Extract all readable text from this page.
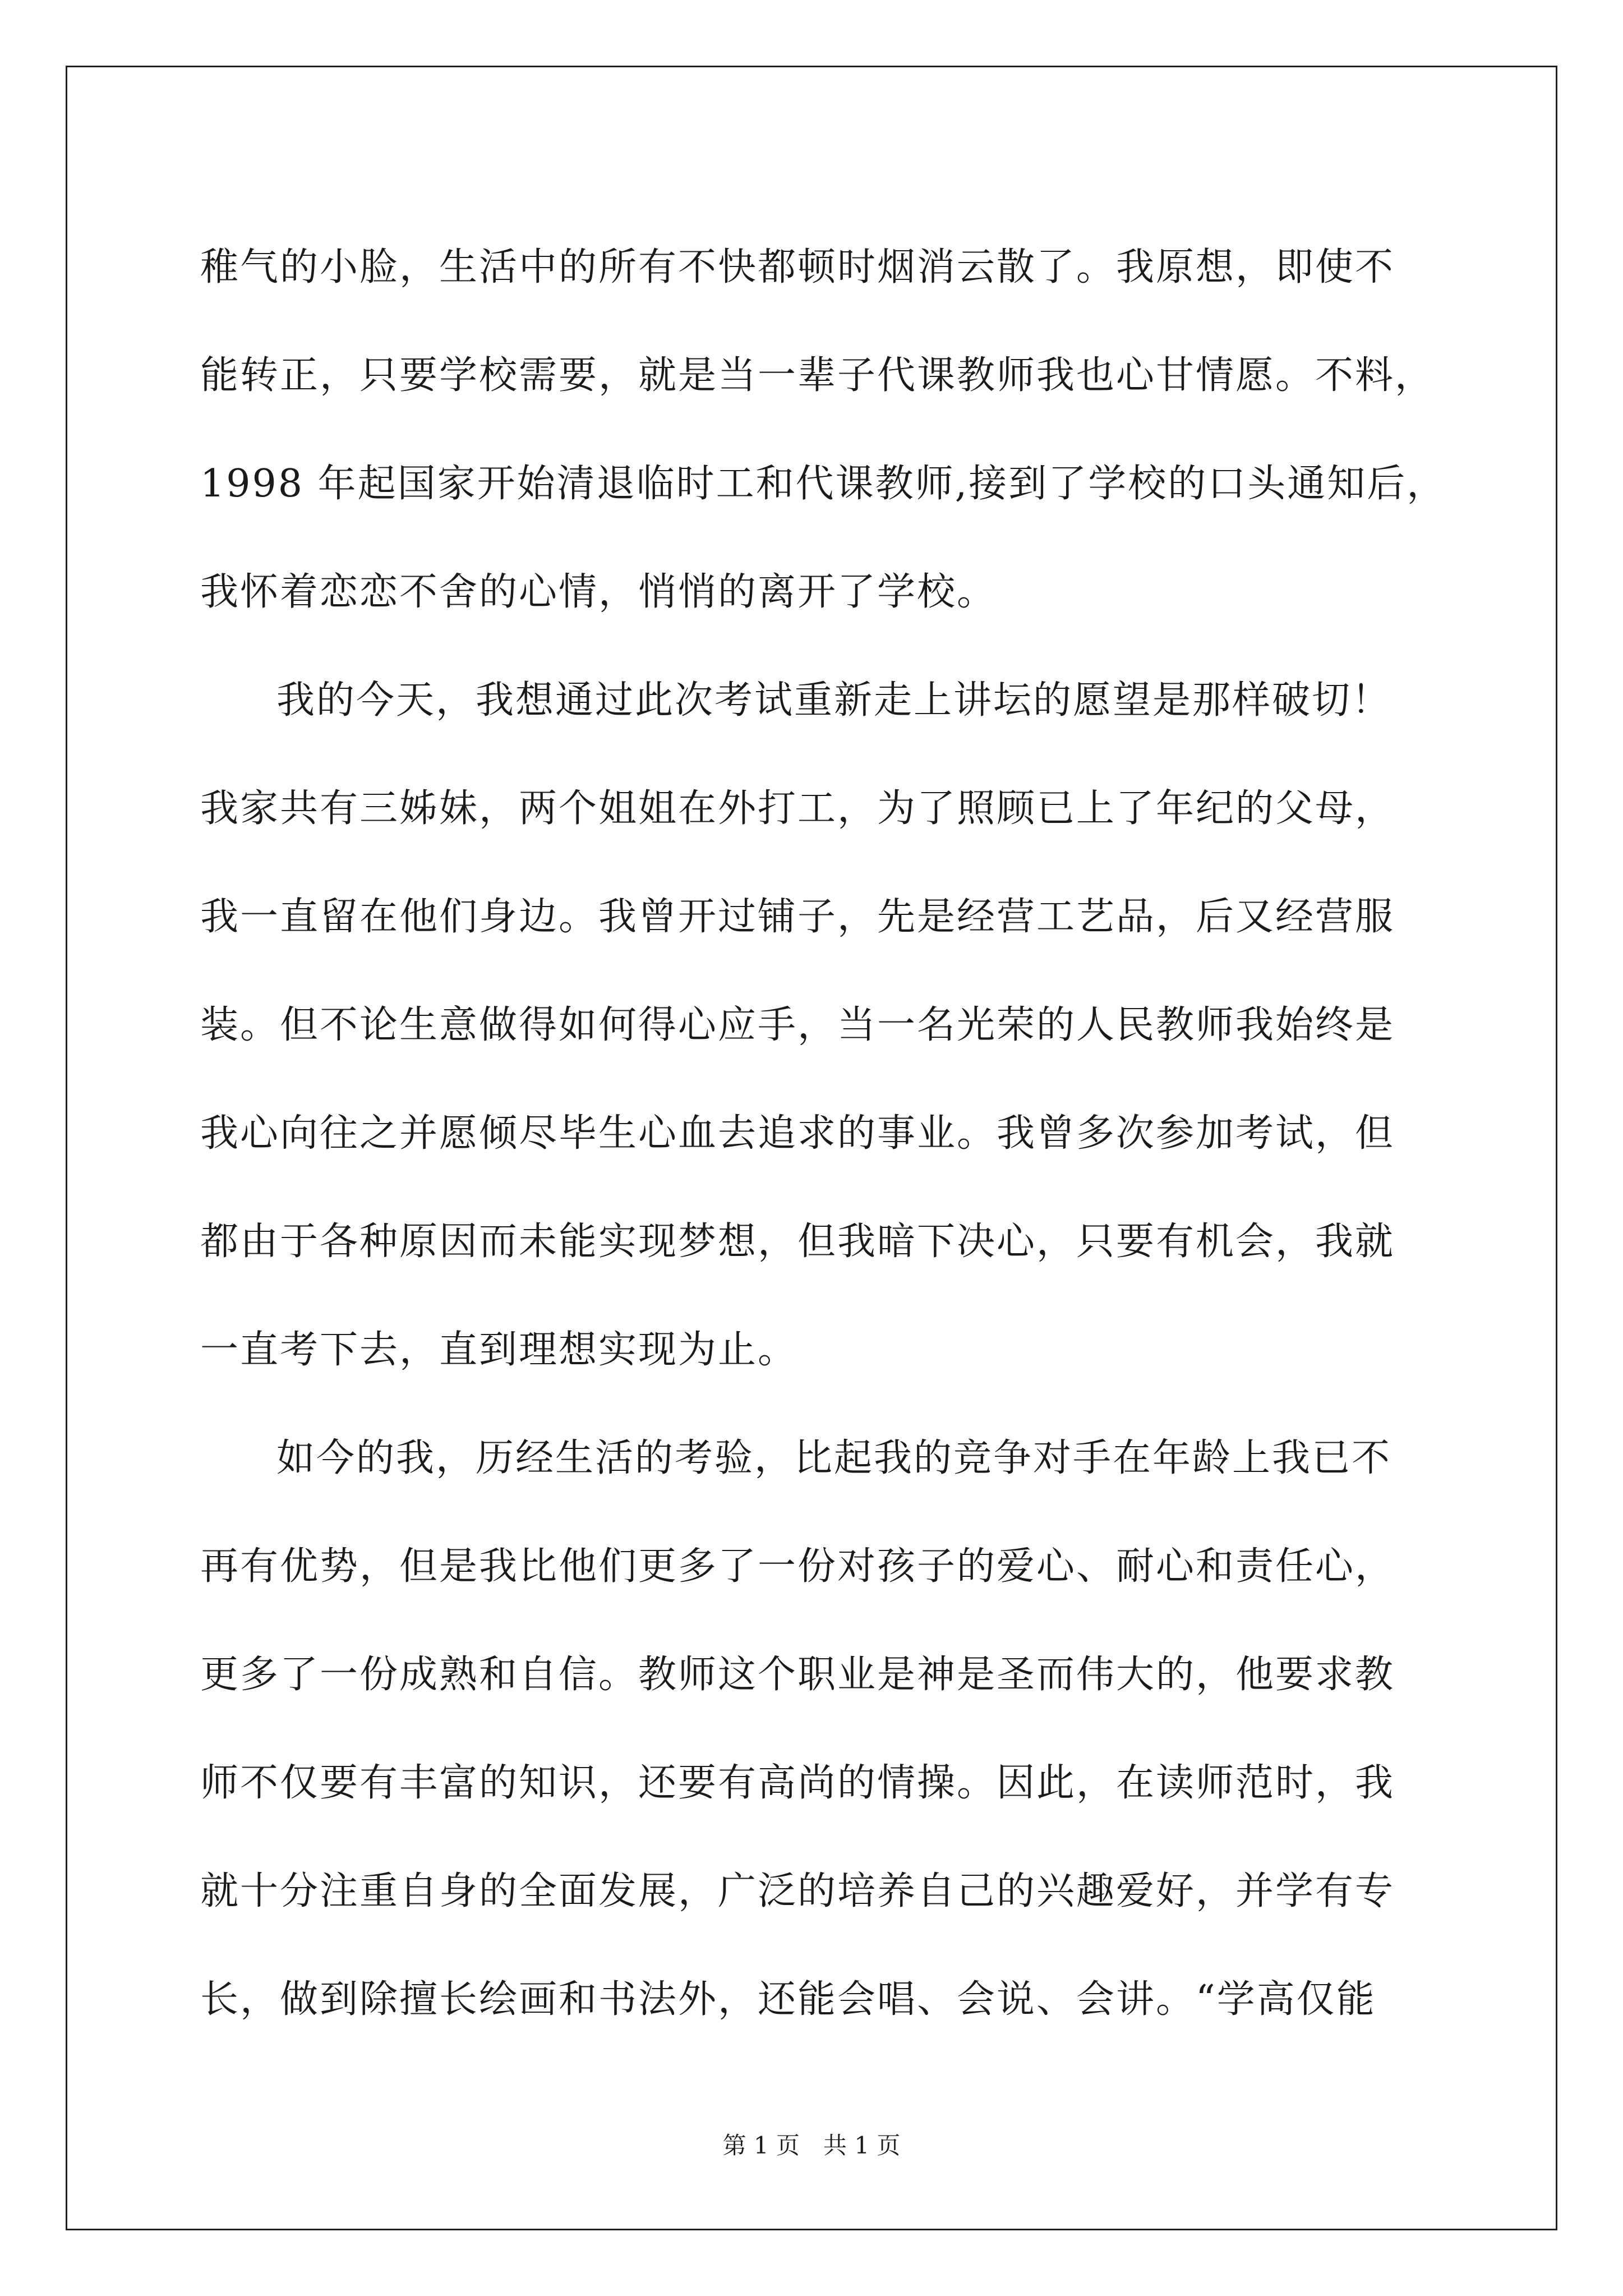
稚气的小脸，生活中的所有不快都顿时烟消云散了。我原想，即使不
能转正，只要学校需要，就是当一辈子代课教师我也心甘情愿。不料，
1998 年起国家开始清退临时工和代课教师,接到了学校的口头通知后，
我怀着恋恋不舍的心情，悄悄的离开了学校。
我的今天，我想通过此次考试重新走上讲坛的愿望是那样破切！
我家共有三姊妹，两个姐姐在外打工，为了照顾已上了年纪的父母，
我一直留在他们身边。我曾开过铺子，先是经营工艺品，后又经营服
装。但不论生意做得如何得心应手，当一名光荣的人民教师我始终是
我心向往之并愿倾尽毕生心血去追求的事业。我曾多次参加考试，但
都由于各种原因而未能实现梦想，但我暗下决心，只要有机会，我就
一直考下去，直到理想实现为止。
如今的我，历经生活的考验，比起我的竞争对手在年龄上我已不
再有优势，但是我比他们更多了一份对孩子的爱心、耐心和责任心，
更多了一份成熟和自信。教师这个职业是神是圣而伟大的，他要求教
师不仅要有丰富的知识，还要有高尚的情操。因此，在读师范时，我
就十分注重自身的全面发展，广泛的培养自己的兴趣爱好，并学有专
长，做到除擅长绘画和书法外，还能会唱、会说、会讲。“学高仅能
第 1 页　共 1 页
